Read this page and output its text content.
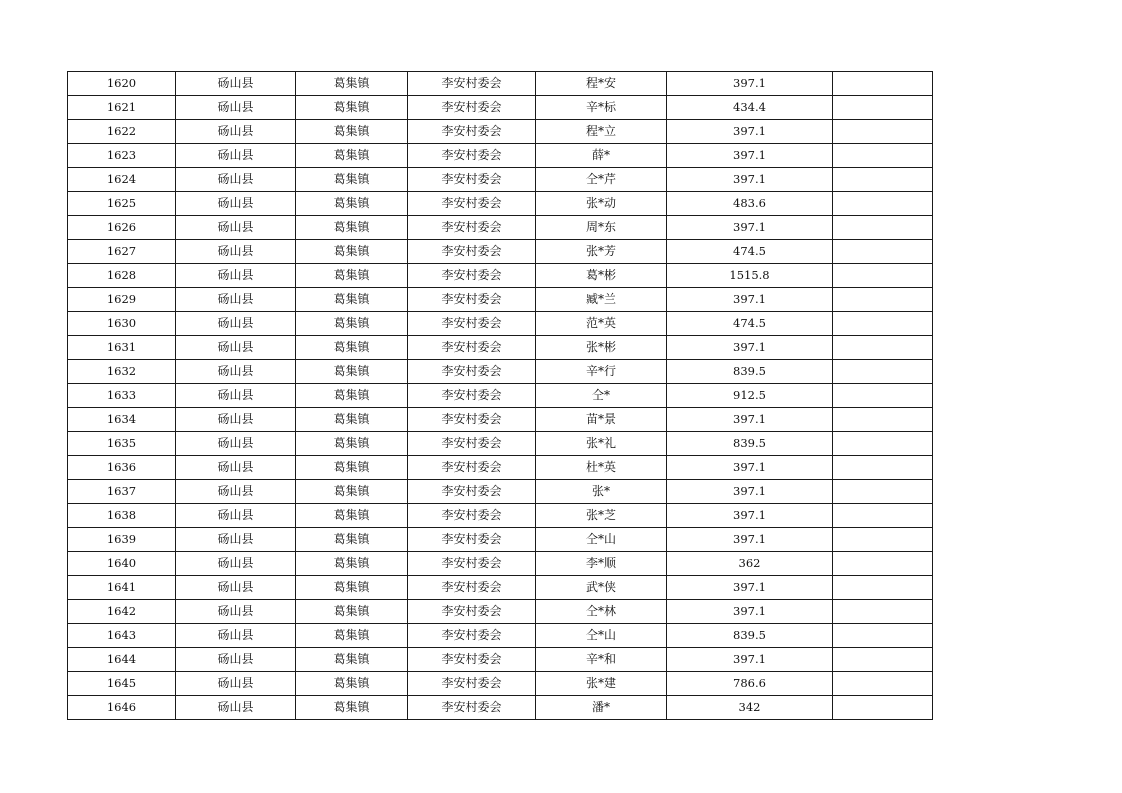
1620	砀山县	葛集镇	李安村委会	程*安	397.1	
1621	砀山县	葛集镇	李安村委会	辛*标	434.4	
1622	砀山县	葛集镇	李安村委会	程*立	397.1	
1623	砀山县	葛集镇	李安村委会	薛*	397.1	
1624	砀山县	葛集镇	李安村委会	仝*芹	397.1	
1625	砀山县	葛集镇	李安村委会	张*动	483.6	
1626	砀山县	葛集镇	李安村委会	周*东	397.1	
1627	砀山县	葛集镇	李安村委会	张*芳	474.5	
1628	砀山县	葛集镇	李安村委会	葛*彬	1515.8	
1629	砀山县	葛集镇	李安村委会	臧*兰	397.1	
1630	砀山县	葛集镇	李安村委会	范*英	474.5	
1631	砀山县	葛集镇	李安村委会	张*彬	397.1	
1632	砀山县	葛集镇	李安村委会	辛*行	839.5	
1633	砀山县	葛集镇	李安村委会	仝*	912.5	
1634	砀山县	葛集镇	李安村委会	苗*景	397.1	
1635	砀山县	葛集镇	李安村委会	张*礼	839.5	
1636	砀山县	葛集镇	李安村委会	杜*英	397.1	
1637	砀山县	葛集镇	李安村委会	张*	397.1	
1638	砀山县	葛集镇	李安村委会	张*芝	397.1	
1639	砀山县	葛集镇	李安村委会	仝*山	397.1	
1640	砀山县	葛集镇	李安村委会	李*顺	362	
1641	砀山县	葛集镇	李安村委会	武*侠	397.1	
1642	砀山县	葛集镇	李安村委会	仝*林	397.1	
1643	砀山县	葛集镇	李安村委会	仝*山	839.5	
1644	砀山县	葛集镇	李安村委会	辛*和	397.1	
1645	砀山县	葛集镇	李安村委会	张*建	786.6	
1646	砀山县	葛集镇	李安村委会	潘*	342	
